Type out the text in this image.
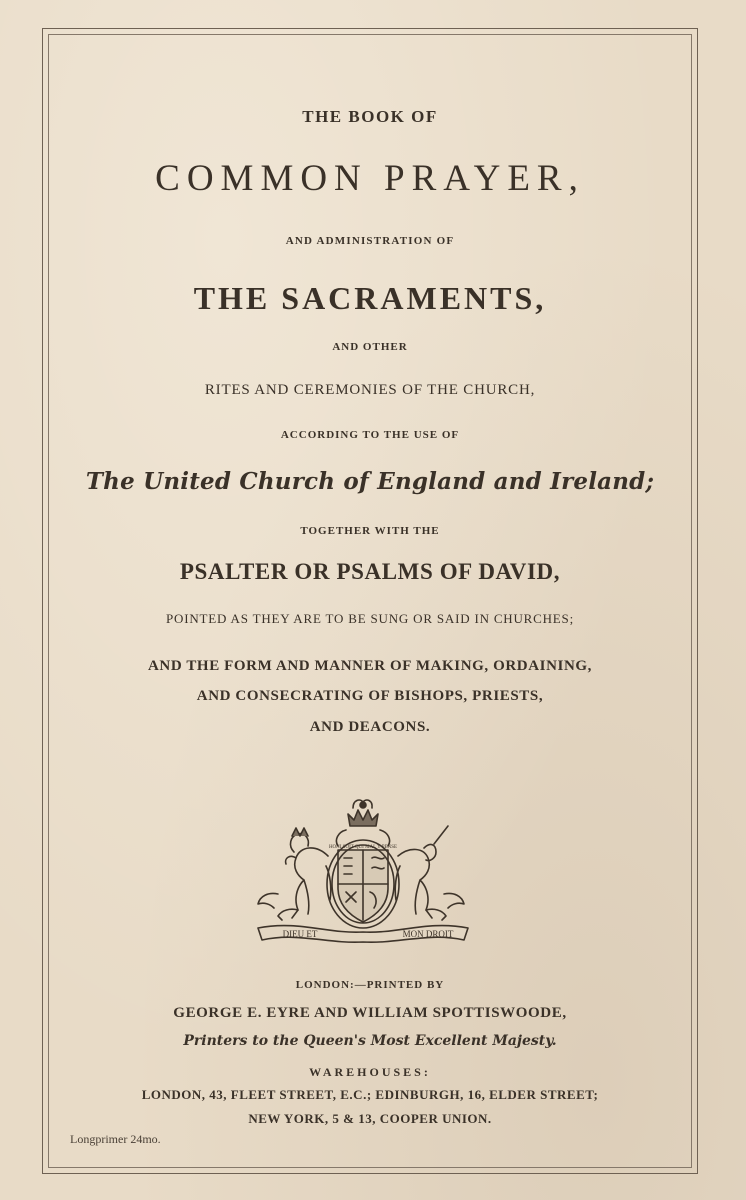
THE BOOK OF
COMMON PRAYER,
AND ADMINISTRATION OF
THE SACRAMENTS,
AND OTHER
RITES AND CEREMONIES OF THE CHURCH,
ACCORDING TO THE USE OF
The United Church of England and Ireland;
TOGETHER WITH THE
PSALTER OR PSALMS OF DAVID,
POINTED AS THEY ARE TO BE SUNG OR SAID IN CHURCHES;
AND THE FORM AND MANNER OF MAKING, ORDAINING,
AND CONSECRATING OF BISHOPS, PRIESTS,
AND DEACONS.
DIEU ET	MON DROIT
HONI SOIT QUI MAL Y PENSE
LONDON:—PRINTED BY
GEORGE E. EYRE AND WILLIAM SPOTTISWOODE,
Printers to the Queen's Most Excellent Majesty.
WAREHOUSES:
LONDON, 43, FLEET STREET, E.C.; EDINBURGH, 16, ELDER STREET;
NEW YORK, 5 & 13, COOPER UNION.
Longprimer 24mo.
